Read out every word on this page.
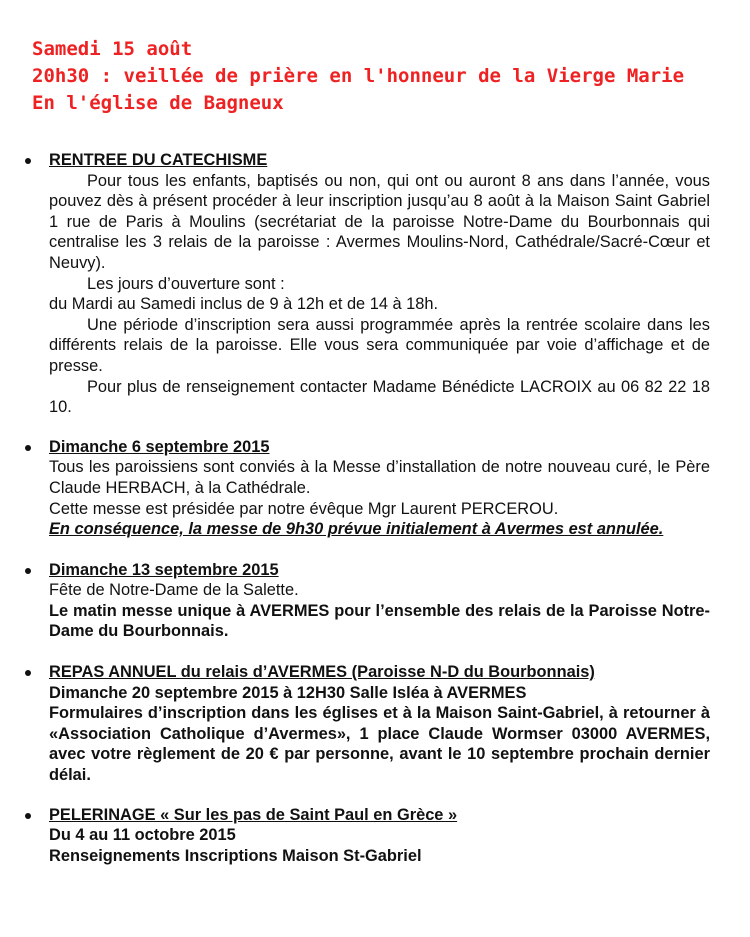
Samedi 15 août
20h30 : veillée de prière en l'honneur de la Vierge Marie
En l'église de Bagneux
RENTREE DU CATECHISME

Pour tous les enfants, baptisés ou non, qui ont ou auront 8 ans dans l’année, vous pouvez dès à présent procéder à leur inscription jusqu’au 8 août à la Maison Saint Gabriel 1 rue de Paris à Moulins (secrétariat de la paroisse Notre-Dame du Bourbonnais qui centralise les 3 relais de la paroisse : Avermes Moulins-Nord, Cathédrale/Sacré-Cœur et Neuvy).

Les jours d’ouverture sont :

du Mardi au Samedi inclus de 9 à 12h et de 14 à 18h.

Une période d’inscription sera aussi programmée après la rentrée scolaire dans les différents relais de la paroisse. Elle vous sera communiquée par voie d’affichage et de presse.

Pour plus de renseignement contacter Madame Bénédicte LACROIX au 06 82 22 18 10.

Dimanche 6 septembre 2015

Tous les paroissiens sont conviés à la Messe d’installation de notre nouveau curé, le Père Claude HERBACH, à la Cathédrale.

Cette messe est présidée par notre évêque Mgr Laurent PERCEROU.

En conséquence, la messe de 9h30 prévue initialement à Avermes est annulée.

Dimanche 13 septembre 2015

Fête de Notre-Dame de la Salette.

Le matin messe unique à AVERMES pour l’ensemble des relais de la Paroisse Notre-Dame du Bourbonnais.

REPAS ANNUEL du relais d’AVERMES (Paroisse N-D du Bourbonnais)

Dimanche 20 septembre 2015 à 12H30 Salle Isléa à AVERMES

Formulaires d’inscription dans les églises et à la Maison Saint-Gabriel, à retourner à «Association Catholique d’Avermes», 1 place Claude Wormser 03000 AVERMES, avec votre règlement de 20 € par personne, avant le 10 septembre prochain dernier délai.

PELERINAGE « Sur les pas de Saint Paul en Grèce »

Du 4 au 11 octobre 2015

Renseignements Inscriptions Maison St-Gabriel
